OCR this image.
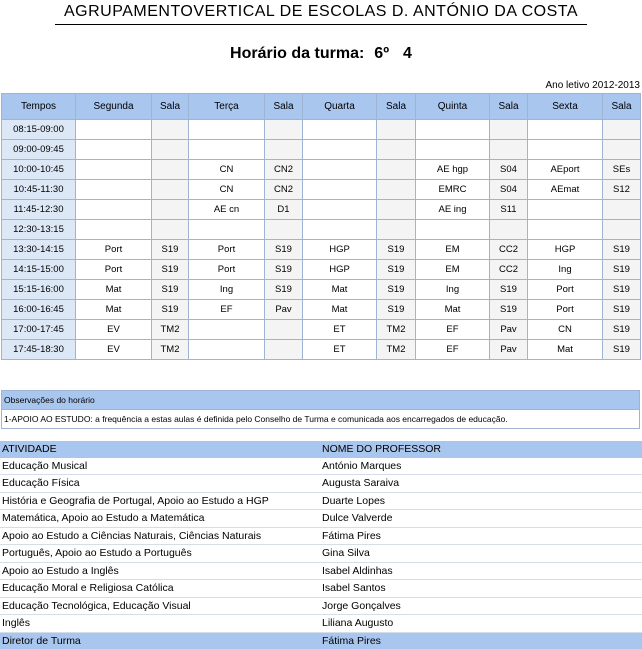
AGRUPAMENTOVERTICAL DE ESCOLAS D. ANTÓNIO DA COSTA
Horário da turma: 6º 4
Ano letivo 2012-2013
Tempos	Segunda	Sala	Terça	Sala	Quarta	Sala	Quinta	Sala	Sexta	Sala
08:15-09:00										
09:00-09:45										
10:00-10:45			CN	CN2			AE hgp	S04	AEport	SEs
10:45-11:30			CN	CN2			EMRC	S04	AEmat	S12
11:45-12:30			AE cn	D1			AE ing	S11		
12:30-13:15										
13:30-14:15	Port	S19	Port	S19	HGP	S19	EM	CC2	HGP	S19
14:15-15:00	Port	S19	Port	S19	HGP	S19	EM	CC2	Ing	S19
15:15-16:00	Mat	S19	Ing	S19	Mat	S19	Ing	S19	Port	S19
16:00-16:45	Mat	S19	EF	Pav	Mat	S19	Mat	S19	Port	S19
17:00-17:45	EV	TM2			ET	TM2	EF	Pav	CN	S19
17:45-18:30	EV	TM2			ET	TM2	EF	Pav	Mat	S19
Observações do horário
1-APOIO AO ESTUDO: a frequência a estas aulas é definida pelo Conselho de Turma e comunicada aos encarregados de educação.
ATIVIDADE	NOME DO PROFESSOR
Educação Musical	António Marques
Educação Física	Augusta Saraiva
História e Geografia de Portugal, Apoio ao Estudo a HGP	Duarte Lopes
Matemática, Apoio ao Estudo a Matemática	Dulce Valverde
Apoio ao Estudo a Ciências Naturais, Ciências Naturais	Fátima Pires
Português, Apoio ao Estudo a Português	Gina Silva
Apoio ao Estudo a Inglês	Isabel Aldinhas
Educação Moral e Religiosa Católica	Isabel Santos
Educação Tecnológica, Educação Visual	Jorge Gonçalves
Inglês	Liliana Augusto
Diretor de Turma	Fátima Pires
